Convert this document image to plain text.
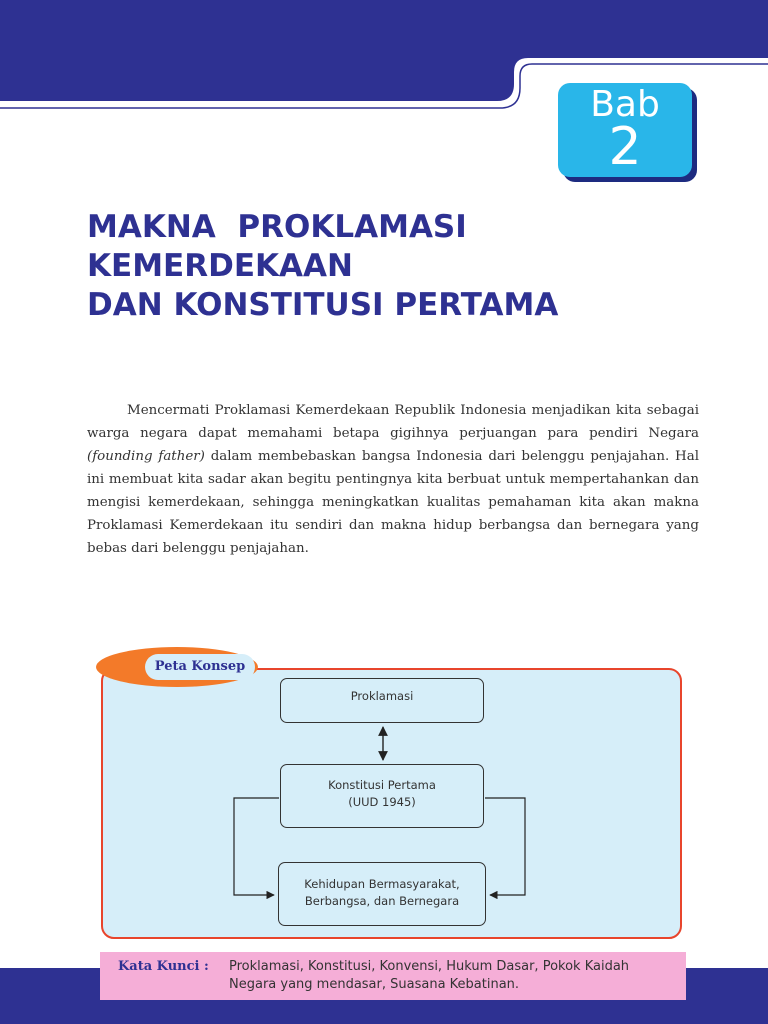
Bab
2
MAKNA  PROKLAMASI
KEMERDEKAAN
DAN KONSTITUSI PERTAMA

Mencermati Proklamasi Kemerdekaan Republik Indonesia menjadikan kita sebagai warga negara dapat memahami betapa gigihnya perjuangan para pendiri Negara (founding father) dalam membebaskan bangsa Indonesia dari belenggu penjajahan. Hal ini membuat kita sadar akan begitu pentingnya kita berbuat untuk mempertahankan dan mengisi kemerdekaan, sehingga meningkatkan kualitas pemahaman kita akan makna Proklamasi Kemerdekaan itu sendiri dan makna hidup berbangsa dan bernegara yang bebas dari belenggu penjajahan.

Peta Konsep
Proklamasi
Konstitusi Pertama
(UUD 1945)
Kehidupan Bermasyarakat,
Berbangsa, dan Bernegara
Kata Kunci : Proklamasi, Konstitusi, Konvensi, Hukum Dasar, Pokok Kaidah Negara yang mendasar, Suasana Kebatinan.
